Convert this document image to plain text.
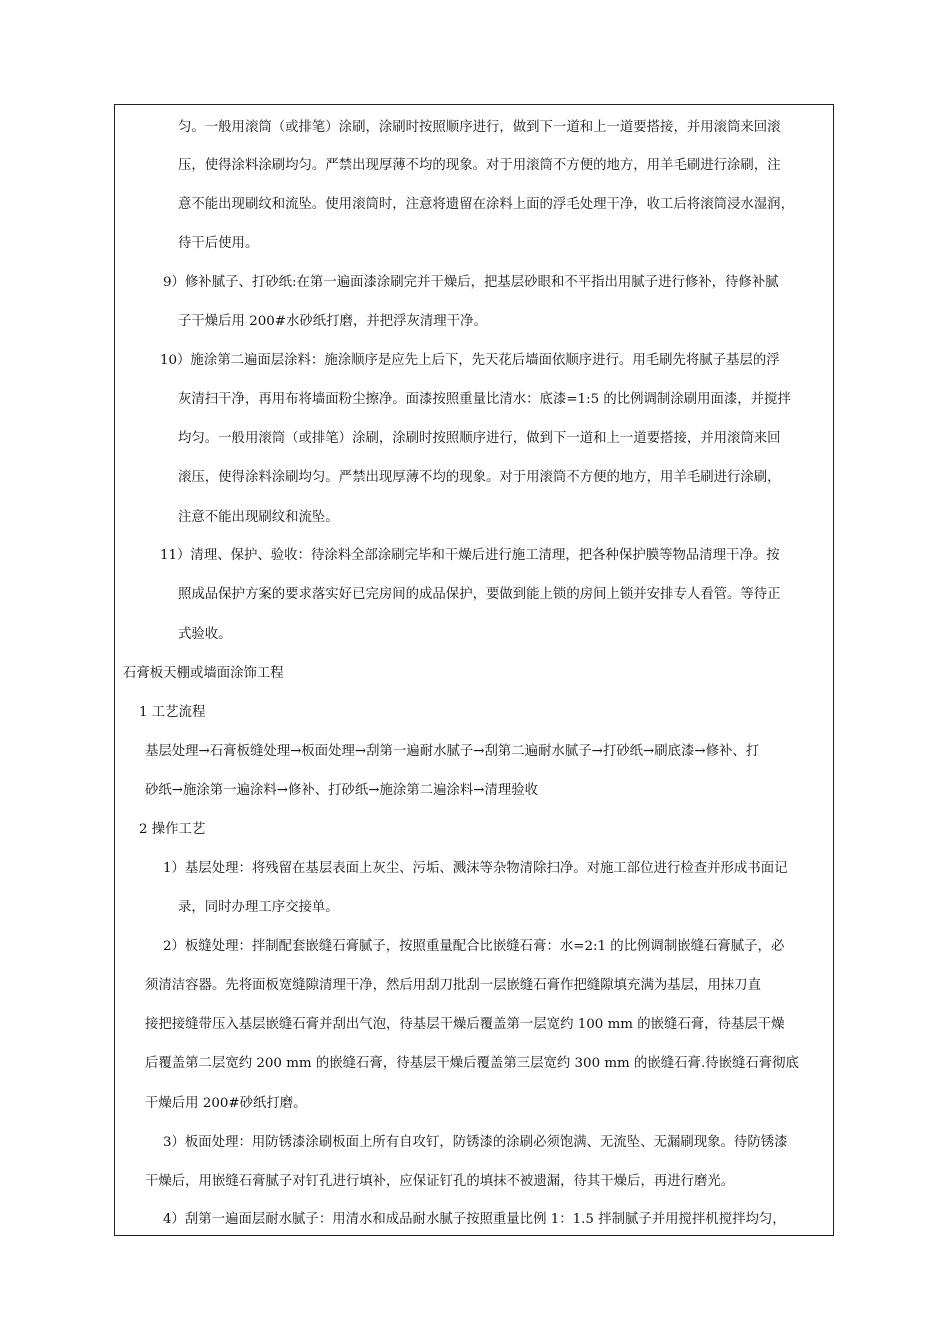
匀。一般用滚筒（或排笔）涂刷，涂刷时按照顺序进行，做到下一道和上一道要搭接，并用滚筒来回滚
压，使得涂料涂刷均匀。严禁出现厚薄不均的现象。对于用滚筒不方便的地方，用羊毛刷进行涂刷，注
意不能出现刷纹和流坠。使用滚筒时，注意将遗留在涂料上面的浮毛处理干净，收工后将滚筒浸水湿润，
待干后使用。
9）修补腻子、打砂纸:在第一遍面漆涂刷完并干燥后，把基层砂眼和不平指出用腻子进行修补，待修补腻
子干燥后用 200#水砂纸打磨，并把浮灰清理干净。
10）施涂第二遍面层涂料：施涂顺序是应先上后下，先天花后墙面依顺序进行。用毛刷先将腻子基层的浮
灰清扫干净，再用布将墙面粉尘擦净。面漆按照重量比清水：底漆=1:5 的比例调制涂刷用面漆，并搅拌
均匀。一般用滚筒（或排笔）涂刷，涂刷时按照顺序进行，做到下一道和上一道要搭接，并用滚筒来回
滚压，使得涂料涂刷均匀。严禁出现厚薄不均的现象。对于用滚筒不方便的地方，用羊毛刷进行涂刷，
注意不能出现刷纹和流坠。
11）清理、保护、验收：待涂料全部涂刷完毕和干燥后进行施工清理，把各种保护膜等物品清理干净。按
照成品保护方案的要求落实好已完房间的成品保护，要做到能上锁的房间上锁并安排专人看管。等待正
式验收。
石膏板天棚或墙面涂饰工程
1 工艺流程
基层处理→石膏板缝处理→板面处理→刮第一遍耐水腻子→刮第二遍耐水腻子→打砂纸→刷底漆→修补、打
砂纸→施涂第一遍涂料→修补、打砂纸→施涂第二遍涂料→清理验收
2 操作工艺
1）基层处理：将残留在基层表面上灰尘、污垢、溅沫等杂物清除扫净。对施工部位进行检查并形成书面记
录，同时办理工序交接单。
2）板缝处理：拌制配套嵌缝石膏腻子，按照重量配合比嵌缝石膏：水=2:1 的比例调制嵌缝石膏腻子，必
须清洁容器。先将面板宽缝隙清理干净，然后用刮刀批刮一层嵌缝石膏作把缝隙填充满为基层，用抹刀直
接把接缝带压入基层嵌缝石膏并刮出气泡，待基层干燥后覆盖第一层宽约 100 mm 的嵌缝石膏，待基层干燥
后覆盖第二层宽约 200 mm 的嵌缝石膏，待基层干燥后覆盖第三层宽约 300 mm 的嵌缝石膏.待嵌缝石膏彻底
干燥后用 200#砂纸打磨。
3）板面处理：用防锈漆涂刷板面上所有自攻钉，防锈漆的涂刷必须饱满、无流坠、无漏刷现象。待防锈漆
干燥后，用嵌缝石膏腻子对钉孔进行填补，应保证钉孔的填抹不被遗漏，待其干燥后，再进行磨光。
4）刮第一遍面层耐水腻子：用清水和成品耐水腻子按照重量比例 1：1.5 拌制腻子并用搅拌机搅拌均匀，
